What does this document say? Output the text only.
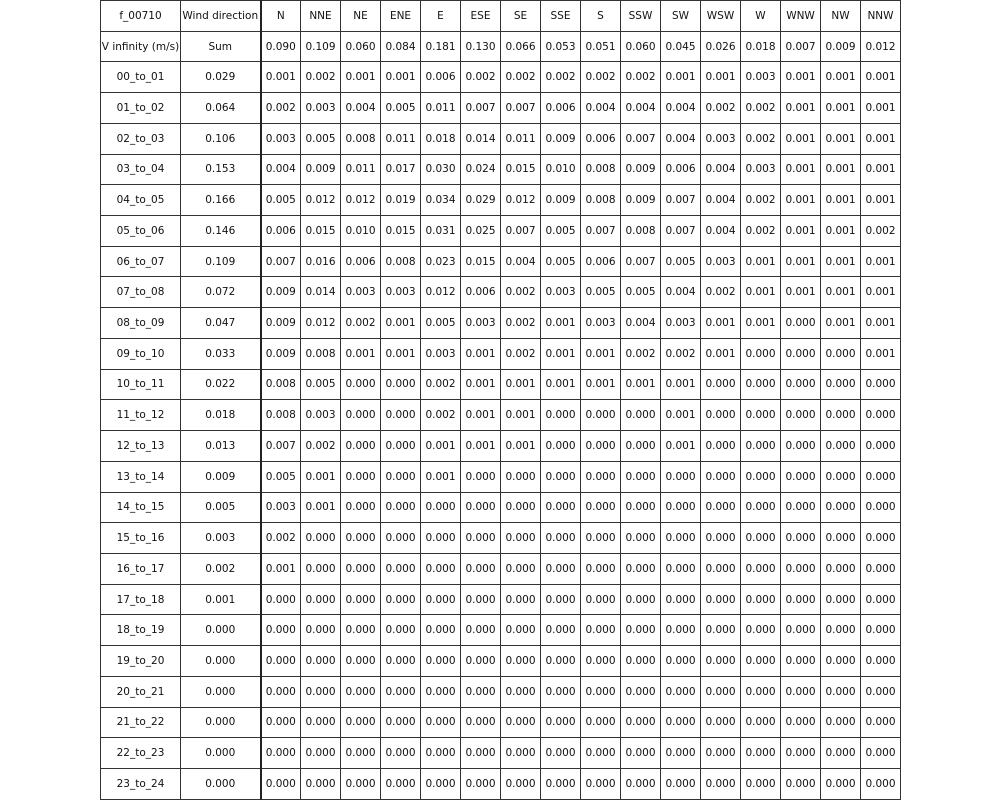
f_00710	Wind direction	N	NNE	NE	ENE	E	ESE	SE	SSE	S	SSW	SW	WSW	W	WNW	NW	NNW
V infinity (m/s)	Sum	0.090	0.109	0.060	0.084	0.181	0.130	0.066	0.053	0.051	0.060	0.045	0.026	0.018	0.007	0.009	0.012
00_to_01	0.029	0.001	0.002	0.001	0.001	0.006	0.002	0.002	0.002	0.002	0.002	0.001	0.001	0.003	0.001	0.001	0.001
01_to_02	0.064	0.002	0.003	0.004	0.005	0.011	0.007	0.007	0.006	0.004	0.004	0.004	0.002	0.002	0.001	0.001	0.001
02_to_03	0.106	0.003	0.005	0.008	0.011	0.018	0.014	0.011	0.009	0.006	0.007	0.004	0.003	0.002	0.001	0.001	0.001
03_to_04	0.153	0.004	0.009	0.011	0.017	0.030	0.024	0.015	0.010	0.008	0.009	0.006	0.004	0.003	0.001	0.001	0.001
04_to_05	0.166	0.005	0.012	0.012	0.019	0.034	0.029	0.012	0.009	0.008	0.009	0.007	0.004	0.002	0.001	0.001	0.001
05_to_06	0.146	0.006	0.015	0.010	0.015	0.031	0.025	0.007	0.005	0.007	0.008	0.007	0.004	0.002	0.001	0.001	0.002
06_to_07	0.109	0.007	0.016	0.006	0.008	0.023	0.015	0.004	0.005	0.006	0.007	0.005	0.003	0.001	0.001	0.001	0.001
07_to_08	0.072	0.009	0.014	0.003	0.003	0.012	0.006	0.002	0.003	0.005	0.005	0.004	0.002	0.001	0.001	0.001	0.001
08_to_09	0.047	0.009	0.012	0.002	0.001	0.005	0.003	0.002	0.001	0.003	0.004	0.003	0.001	0.001	0.000	0.001	0.001
09_to_10	0.033	0.009	0.008	0.001	0.001	0.003	0.001	0.002	0.001	0.001	0.002	0.002	0.001	0.000	0.000	0.000	0.001
10_to_11	0.022	0.008	0.005	0.000	0.000	0.002	0.001	0.001	0.001	0.001	0.001	0.001	0.000	0.000	0.000	0.000	0.000
11_to_12	0.018	0.008	0.003	0.000	0.000	0.002	0.001	0.001	0.000	0.000	0.000	0.001	0.000	0.000	0.000	0.000	0.000
12_to_13	0.013	0.007	0.002	0.000	0.000	0.001	0.001	0.001	0.000	0.000	0.000	0.001	0.000	0.000	0.000	0.000	0.000
13_to_14	0.009	0.005	0.001	0.000	0.000	0.001	0.000	0.000	0.000	0.000	0.000	0.000	0.000	0.000	0.000	0.000	0.000
14_to_15	0.005	0.003	0.001	0.000	0.000	0.000	0.000	0.000	0.000	0.000	0.000	0.000	0.000	0.000	0.000	0.000	0.000
15_to_16	0.003	0.002	0.000	0.000	0.000	0.000	0.000	0.000	0.000	0.000	0.000	0.000	0.000	0.000	0.000	0.000	0.000
16_to_17	0.002	0.001	0.000	0.000	0.000	0.000	0.000	0.000	0.000	0.000	0.000	0.000	0.000	0.000	0.000	0.000	0.000
17_to_18	0.001	0.000	0.000	0.000	0.000	0.000	0.000	0.000	0.000	0.000	0.000	0.000	0.000	0.000	0.000	0.000	0.000
18_to_19	0.000	0.000	0.000	0.000	0.000	0.000	0.000	0.000	0.000	0.000	0.000	0.000	0.000	0.000	0.000	0.000	0.000
19_to_20	0.000	0.000	0.000	0.000	0.000	0.000	0.000	0.000	0.000	0.000	0.000	0.000	0.000	0.000	0.000	0.000	0.000
20_to_21	0.000	0.000	0.000	0.000	0.000	0.000	0.000	0.000	0.000	0.000	0.000	0.000	0.000	0.000	0.000	0.000	0.000
21_to_22	0.000	0.000	0.000	0.000	0.000	0.000	0.000	0.000	0.000	0.000	0.000	0.000	0.000	0.000	0.000	0.000	0.000
22_to_23	0.000	0.000	0.000	0.000	0.000	0.000	0.000	0.000	0.000	0.000	0.000	0.000	0.000	0.000	0.000	0.000	0.000
23_to_24	0.000	0.000	0.000	0.000	0.000	0.000	0.000	0.000	0.000	0.000	0.000	0.000	0.000	0.000	0.000	0.000	0.000
